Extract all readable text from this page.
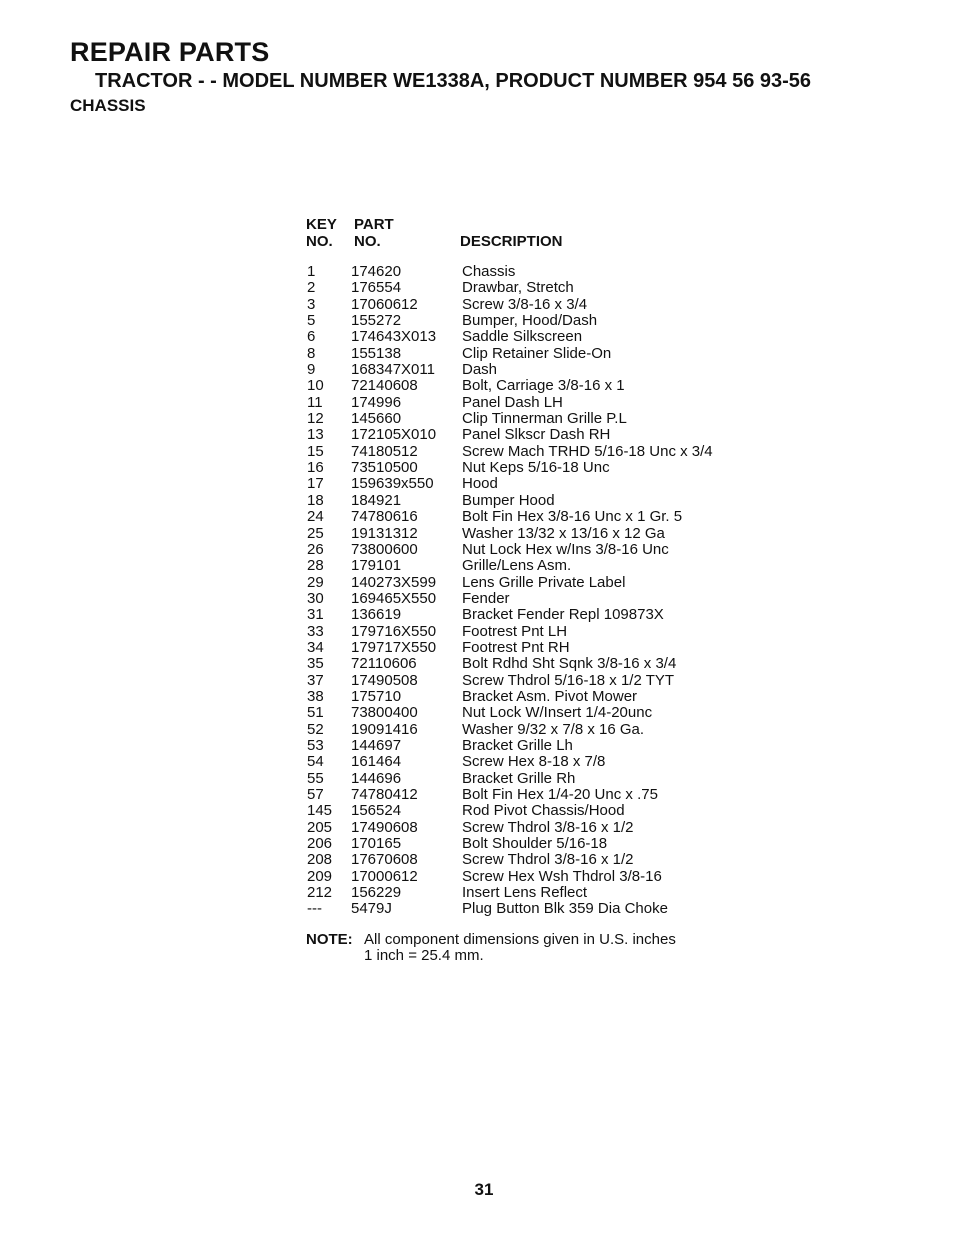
REPAIR PARTS
TRACTOR - - MODEL NUMBER WE1338A, PRODUCT NUMBER 954 56 93-56
CHASSIS
KEY
NO.
PART
NO.	DESCRIPTION
1 174620	Chassis
2 176554	Drawbar, Stretch
3 17060612	Screw 3/8-16 x 3/4
5 155272	Bumper, Hood/Dash
6 174643X013 Saddle Silkscreen
8 155138	Clip Retainer Slide-On
9 168347X011 Dash
10 72140608	Bolt, Carriage 3/8-16 x 1
11 174996	Panel Dash LH
12 145660	Clip Tinnerman Grille P.L
13 172105X010 Panel Slkscr Dash RH
15 74180512	Screw Mach TRHD 5/16-18 Unc x 3/4
16 73510500	Nut Keps 5/16-18 Unc
17 159639x550 Hood
18 184921	Bumper Hood
24 74780616	Bolt Fin Hex 3/8-16 Unc x 1 Gr. 5
25 19131312	Washer 13/32 x 13/16 x 12 Ga
26 73800600	Nut Lock Hex w/Ins 3/8-16 Unc
28 179101	Grille/Lens Asm.
29 140273X599 Lens Grille Private Label
30 169465X550 Fender
31 136619	Bracket Fender Repl 109873X
33 179716X550 Footrest Pnt LH
34 179717X550 Footrest Pnt RH
35 72110606	Bolt Rdhd Sht Sqnk 3/8-16 x 3/4
37 17490508	Screw Thdrol 5/16-18 x 1/2 TYT
38 175710	Bracket Asm. Pivot Mower
51 73800400	Nut Lock W/Insert 1/4-20unc
52 19091416	Washer 9/32 x 7/8 x 16 Ga.
53 144697	Bracket Grille Lh
54 161464	Screw Hex 8-18 x 7/8
55 144696	Bracket Grille Rh
57 74780412	Bolt Fin Hex 1/4-20 Unc x .75
145 156524	Rod Pivot Chassis/Hood
205 17490608	Screw Thdrol 3/8-16 x 1/2
206 170165	Bolt Shoulder 5/16-18
208 17670608	Screw Thdrol 3/8-16 x 1/2
209 17000612	Screw Hex Wsh Thdrol 3/8-16
212 156229	Insert Lens Reflect
--- 5479J	Plug Button Blk 359 Dia Choke
NOTE: All component dimensions given in U.S. inches
1 inch = 25.4 mm.
31
